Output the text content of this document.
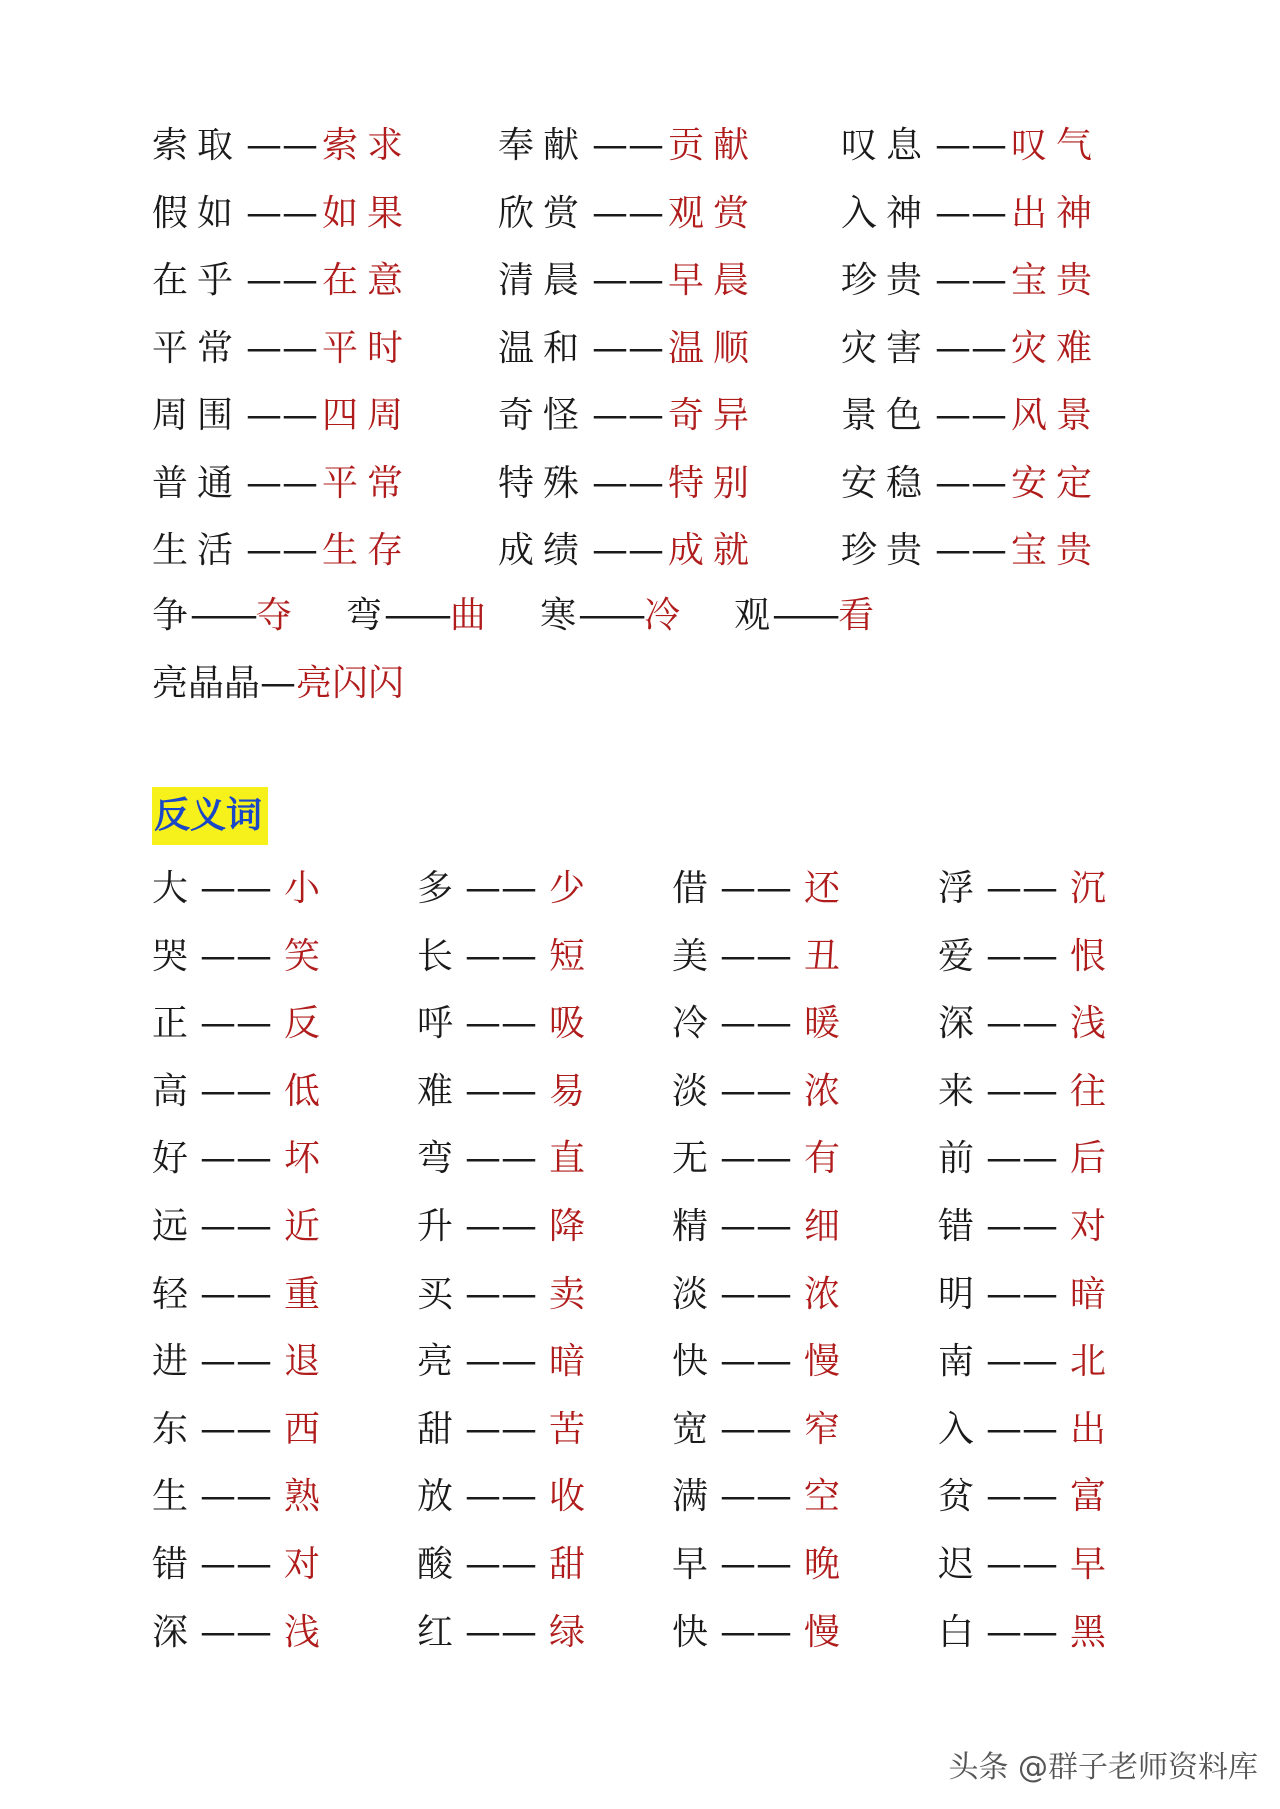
索取 —— 索求 奉献 —— 贡献 叹息 —— 叹气
假如 —— 如果 欣赏 —— 观赏 入神 —— 出神
在乎 —— 在意 清晨 —— 早晨 珍贵 —— 宝贵
平常 —— 平时 温和 —— 温顺 灾害 —— 灾难
周围 —— 四周 奇怪 —— 奇异 景色 —— 风景
普通 —— 平常 特殊 —— 特别 安稳 —— 安定
生活 —— 生存 成绩 —— 成就 珍贵 —— 宝贵
争——夺 弯——曲 寒——冷 观——看
亮晶晶—亮闪闪
反义词
大 —— 小	多 —— 少 借 —— 还	浮 —— 沉
哭 —— 笑	长 —— 短 美 —— 丑	爱 —— 恨
正 —— 反	呼 —— 吸 冷 —— 暖	深 —— 浅
高 —— 低	难 —— 易 淡 —— 浓	来 —— 往
好 —— 坏	弯 —— 直 无 —— 有	前 —— 后
远 —— 近	升 —— 降 精 —— 细	错 —— 对
轻 —— 重	买 —— 卖 淡 —— 浓	明 —— 暗
进 —— 退	亮 —— 暗 快 —— 慢	南 —— 北
东 —— 西	甜 —— 苦 宽 —— 窄	入 —— 出
生 —— 熟	放 —— 收 满 —— 空	贫 —— 富
错 —— 对	酸 —— 甜 早 —— 晚	迟 —— 早
深 —— 浅	红 —— 绿 快 —— 慢	白 —— 黑
头条 @群子老师资料库
